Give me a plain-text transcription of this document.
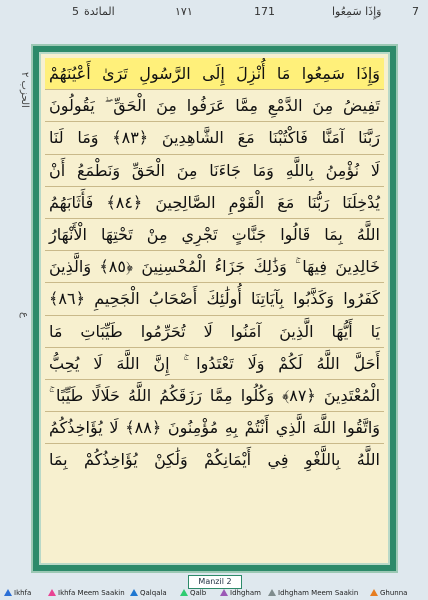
5 المائدة	١٧١	171	وَإِذَا سَمِعُوا	7
الحزب ٢
ع
وَإِذَا سَمِعُوا مَا أُنْزِلَ إِلَى الرَّسُولِ تَرَىٰ أَعْيُنَهُمْ
تَفِيضُ مِنَ الدَّمْعِ مِمَّا عَرَفُوا مِنَ الْحَقِّ ۖ يَقُولُونَ
رَبَّنَا آمَنَّا فَاكْتُبْنَا مَعَ الشَّاهِدِينَ ﴿٨٣﴾ وَمَا لَنَا
لَا نُؤْمِنُ بِاللَّهِ وَمَا جَاءَنَا مِنَ الْحَقِّ وَنَطْمَعُ أَنْ
يُدْخِلَنَا رَبُّنَا مَعَ الْقَوْمِ الصَّالِحِينَ ﴿٨٤﴾ فَأَثَابَهُمُ
اللَّهُ بِمَا قَالُوا جَنَّاتٍ تَجْرِي مِنْ تَحْتِهَا الْأَنْهَارُ
خَالِدِينَ فِيهَا ۚ وَذَٰلِكَ جَزَاءُ الْمُحْسِنِينَ ﴿٨٥﴾ وَالَّذِينَ
كَفَرُوا وَكَذَّبُوا بِآيَاتِنَا أُولَٰئِكَ أَصْحَابُ الْجَحِيمِ ﴿٨٦﴾
يَا أَيُّهَا الَّذِينَ آمَنُوا لَا تُحَرِّمُوا طَيِّبَاتِ مَا
أَحَلَّ اللَّهُ لَكُمْ وَلَا تَعْتَدُوا ۚ إِنَّ اللَّهَ لَا يُحِبُّ
الْمُعْتَدِينَ ﴿٨٧﴾ وَكُلُوا مِمَّا رَزَقَكُمُ اللَّهُ حَلَالًا طَيِّبًا ۚ
وَاتَّقُوا اللَّهَ الَّذِي أَنْتُمْ بِهِ مُؤْمِنُونَ ﴿٨٨﴾ لَا يُؤَاخِذُكُمُ
اللَّهُ بِاللَّغْوِ فِي أَيْمَانِكُمْ وَلَٰكِنْ يُؤَاخِذُكُمْ بِمَا
Manzil 2
Ikhfa	Ikhfa Meem Saakin	Qalqala	Qalb	Idhgham	Idhgham Meem Saakin	Ghunna
